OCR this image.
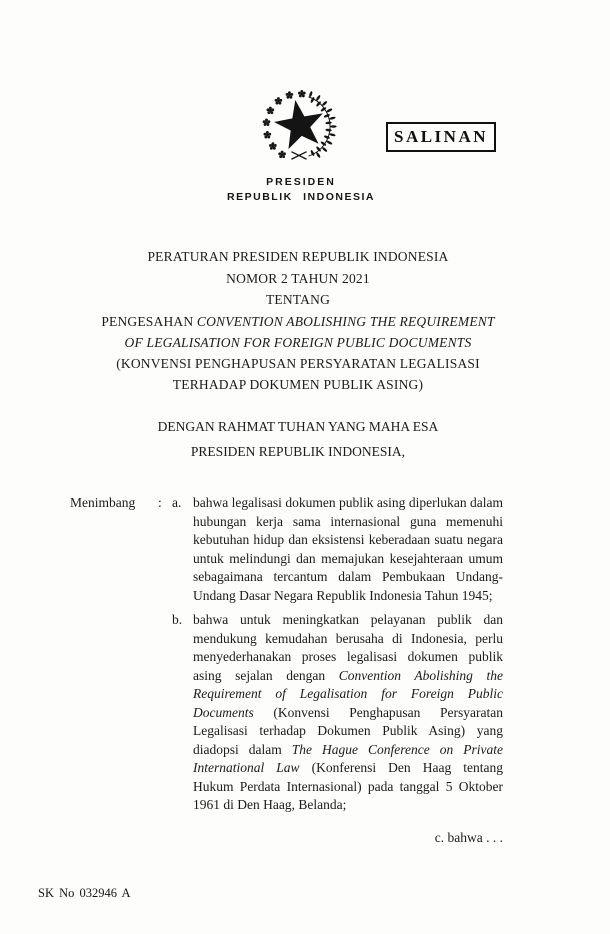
PRESIDEN
REPUBLIK INDONESIA
SALINAN
PERATURAN PRESIDEN REPUBLIK INDONESIA
NOMOR 2 TAHUN 2021
TENTANG
PENGESAHAN CONVENTION ABOLISHING THE REQUIREMENT OF LEGALISATION FOR FOREIGN PUBLIC DOCUMENTS (KONVENSI PENGHAPUSAN PERSYARATAN LEGALISASI TERHADAP DOKUMEN PUBLIK ASING)
DENGAN RAHMAT TUHAN YANG MAHA ESA
PRESIDEN REPUBLIK INDONESIA,
Menimbang	: a. bahwa legalisasi dokumen publik asing diperlukan dalam hubungan kerja sama internasional guna memenuhi kebutuhan hidup dan eksistensi keberadaan suatu negara untuk melindungi dan memajukan kesejahteraan umum sebagaimana tercantum dalam Pembukaan Undang-Undang Dasar Negara Republik Indonesia Tahun 1945;
b. bahwa untuk meningkatkan pelayanan publik dan mendukung kemudahan berusaha di Indonesia, perlu menyederhanakan proses legalisasi dokumen publik asing sejalan dengan Convention Abolishing the Requirement of Legalisation for Foreign Public Documents (Konvensi Penghapusan Persyaratan Legalisasi terhadap Dokumen Publik Asing) yang diadopsi dalam The Hague Conference on Private International Law (Konferensi Den Haag tentang Hukum Perdata Internasional) pada tanggal 5 Oktober 1961 di Den Haag, Belanda;
c. bahwa . . .
SK No 032946 A
